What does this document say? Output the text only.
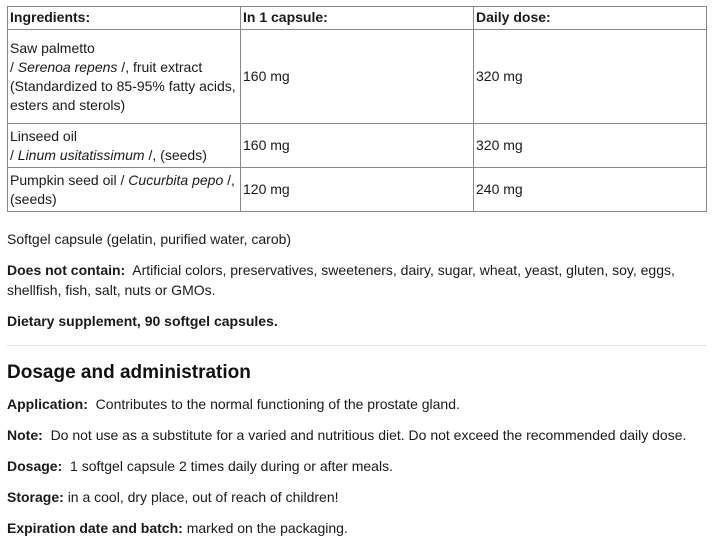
Ingredients:	In 1 capsule:	Daily dose:
Saw palmetto
/ Serenoa repens /, fruit extract
(Standardized to 85-95% fatty acids, esters and sterols)	160 mg	320 mg
Linseed oil
/ Linum usitatissimum /, (seeds)	160 mg	320 mg
Pumpkin seed oil / Cucurbita pepo /,
(seeds)	120 mg	240 mg

Softgel capsule (gelatin, purified water, carob)

Does not contain: Artificial colors, preservatives, sweeteners, dairy, sugar, wheat, yeast, gluten, soy, eggs, shellfish, fish, salt, nuts or GMOs.

Dietary supplement, 90 softgel capsules.

Dosage and administration

Application: Contributes to the normal functioning of the prostate gland.

Note: Do not use as a substitute for a varied and nutritious diet. Do not exceed the recommended daily dose.

Dosage: 1 softgel capsule 2 times daily during or after meals.

Storage: in a cool, dry place, out of reach of children!

Expiration date and batch: marked on the packaging.
